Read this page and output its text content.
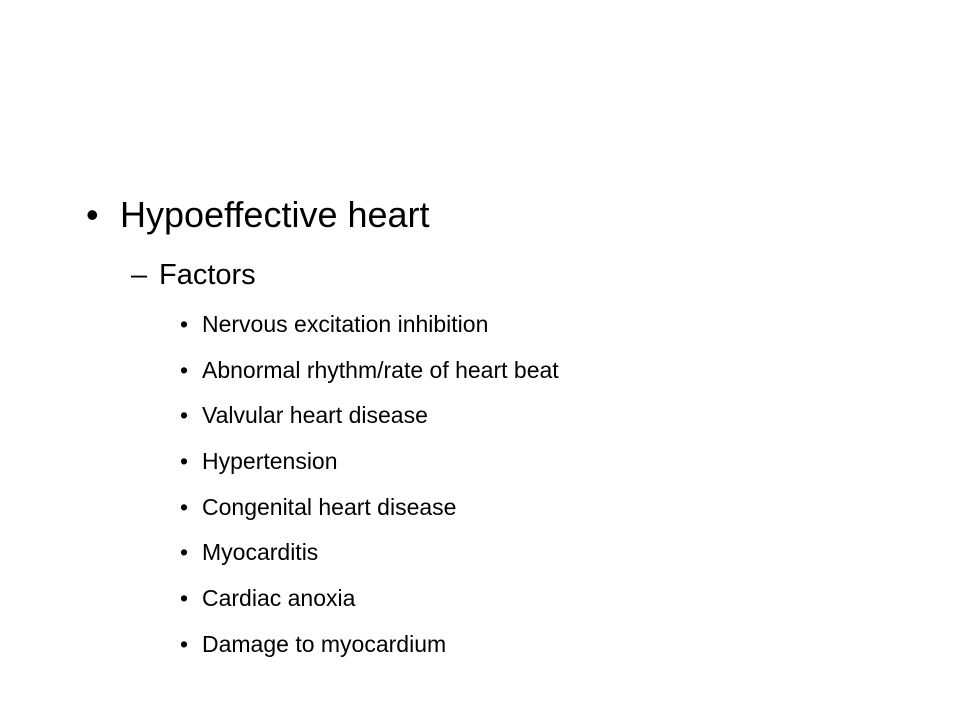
• Hypoeffective heart
– Factors
• Nervous excitation inhibition
• Abnormal rhythm/rate of heart beat
• Valvular heart disease
• Hypertension
• Congenital heart disease
• Myocarditis
• Cardiac anoxia
• Damage to myocardium
